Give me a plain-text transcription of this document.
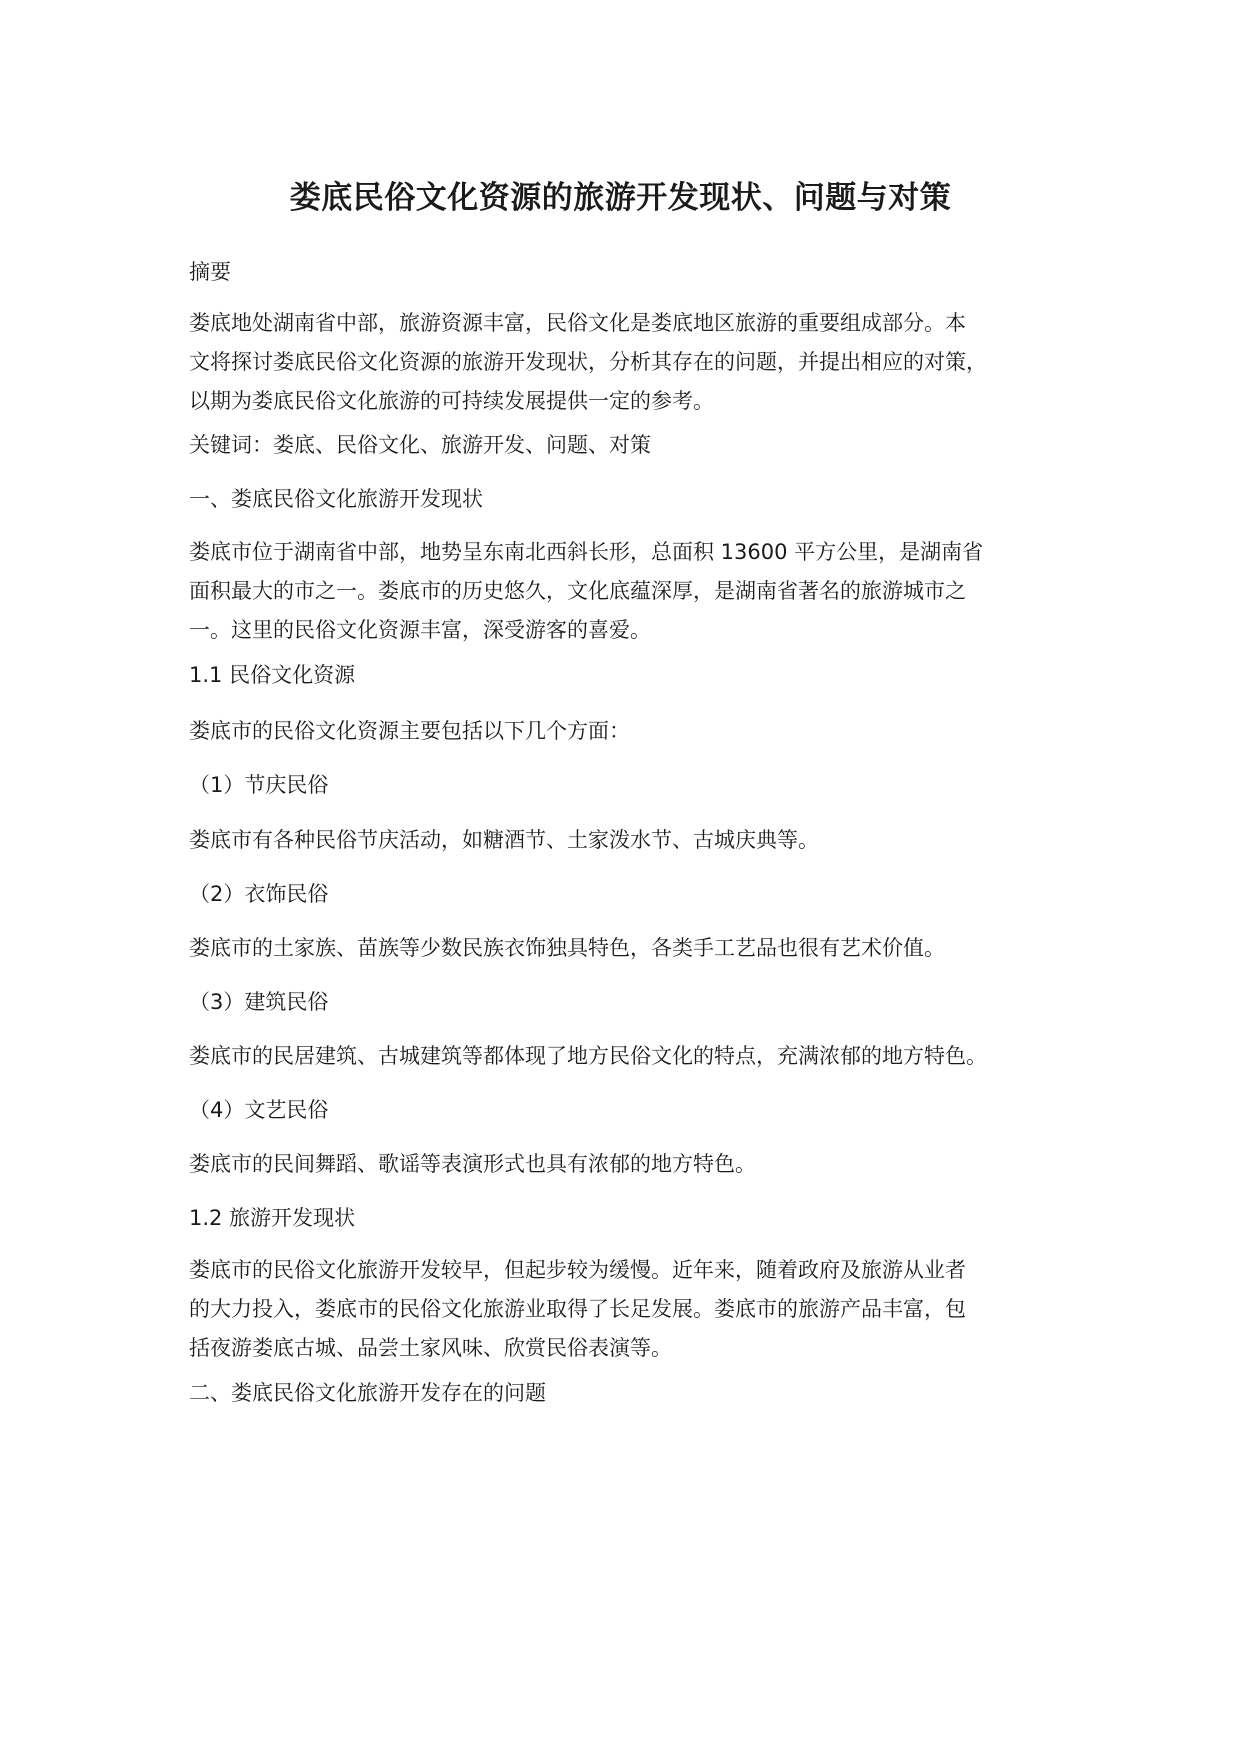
娄底民俗文化资源的旅游开发现状、问题与对策

摘要

娄底地处湖南省中部，旅游资源丰富，民俗文化是娄底地区旅游的重要组成部分。本
文将探讨娄底民俗文化资源的旅游开发现状，分析其存在的问题，并提出相应的对策，
以期为娄底民俗文化旅游的可持续发展提供一定的参考。

关键词：娄底、民俗文化、旅游开发、问题、对策

一、娄底民俗文化旅游开发现状

娄底市位于湖南省中部，地势呈东南北西斜长形，总面积 13600 平方公里，是湖南省
面积最大的市之一。娄底市的历史悠久，文化底蕴深厚，是湖南省著名的旅游城市之
一。这里的民俗文化资源丰富，深受游客的喜爱。

1.1 民俗文化资源

娄底市的民俗文化资源主要包括以下几个方面：

（1）节庆民俗

娄底市有各种民俗节庆活动，如糖酒节、土家泼水节、古城庆典等。

（2）衣饰民俗

娄底市的土家族、苗族等少数民族衣饰独具特色，各类手工艺品也很有艺术价值。

（3）建筑民俗

娄底市的民居建筑、古城建筑等都体现了地方民俗文化的特点，充满浓郁的地方特色。

（4）文艺民俗

娄底市的民间舞蹈、歌谣等表演形式也具有浓郁的地方特色。

1.2 旅游开发现状

娄底市的民俗文化旅游开发较早，但起步较为缓慢。近年来，随着政府及旅游从业者
的大力投入，娄底市的民俗文化旅游业取得了长足发展。娄底市的旅游产品丰富，包
括夜游娄底古城、品尝土家风味、欣赏民俗表演等。

二、娄底民俗文化旅游开发存在的问题
